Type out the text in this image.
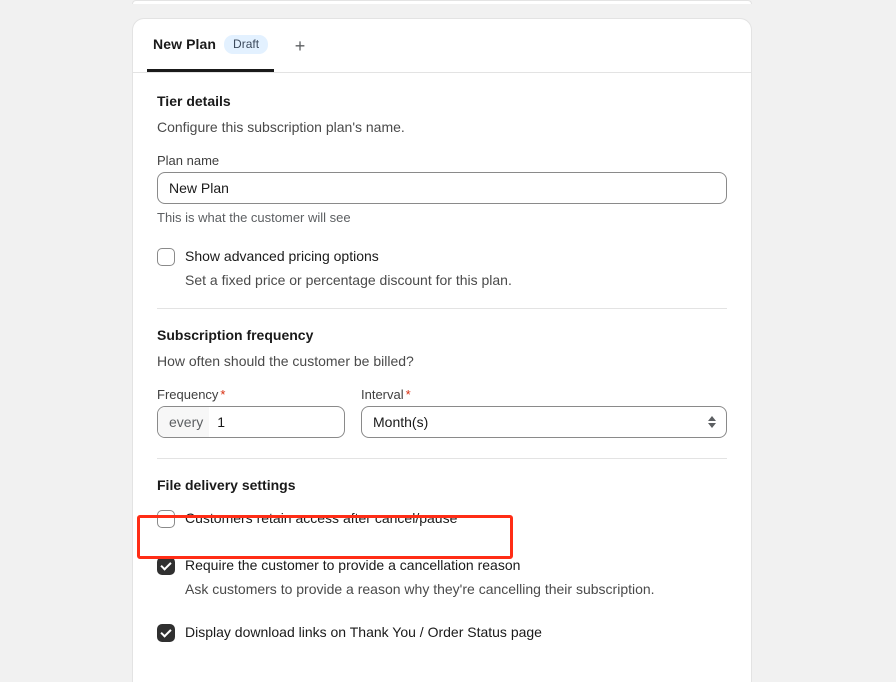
New Plan	Draft	+
Tier details
Configure this subscription plan's name.
Plan name
New Plan
This is what the customer will see
Show advanced pricing options
Set a fixed price or percentage discount for this plan.
Subscription frequency
How often should the customer be billed?
Frequency *
every
1
Interval *
Month(s)
File delivery settings
Customers retain access after cancel/pause
Require the customer to provide a cancellation reason
Ask customers to provide a reason why they're cancelling their subscription.
Display download links on Thank You / Order Status page
